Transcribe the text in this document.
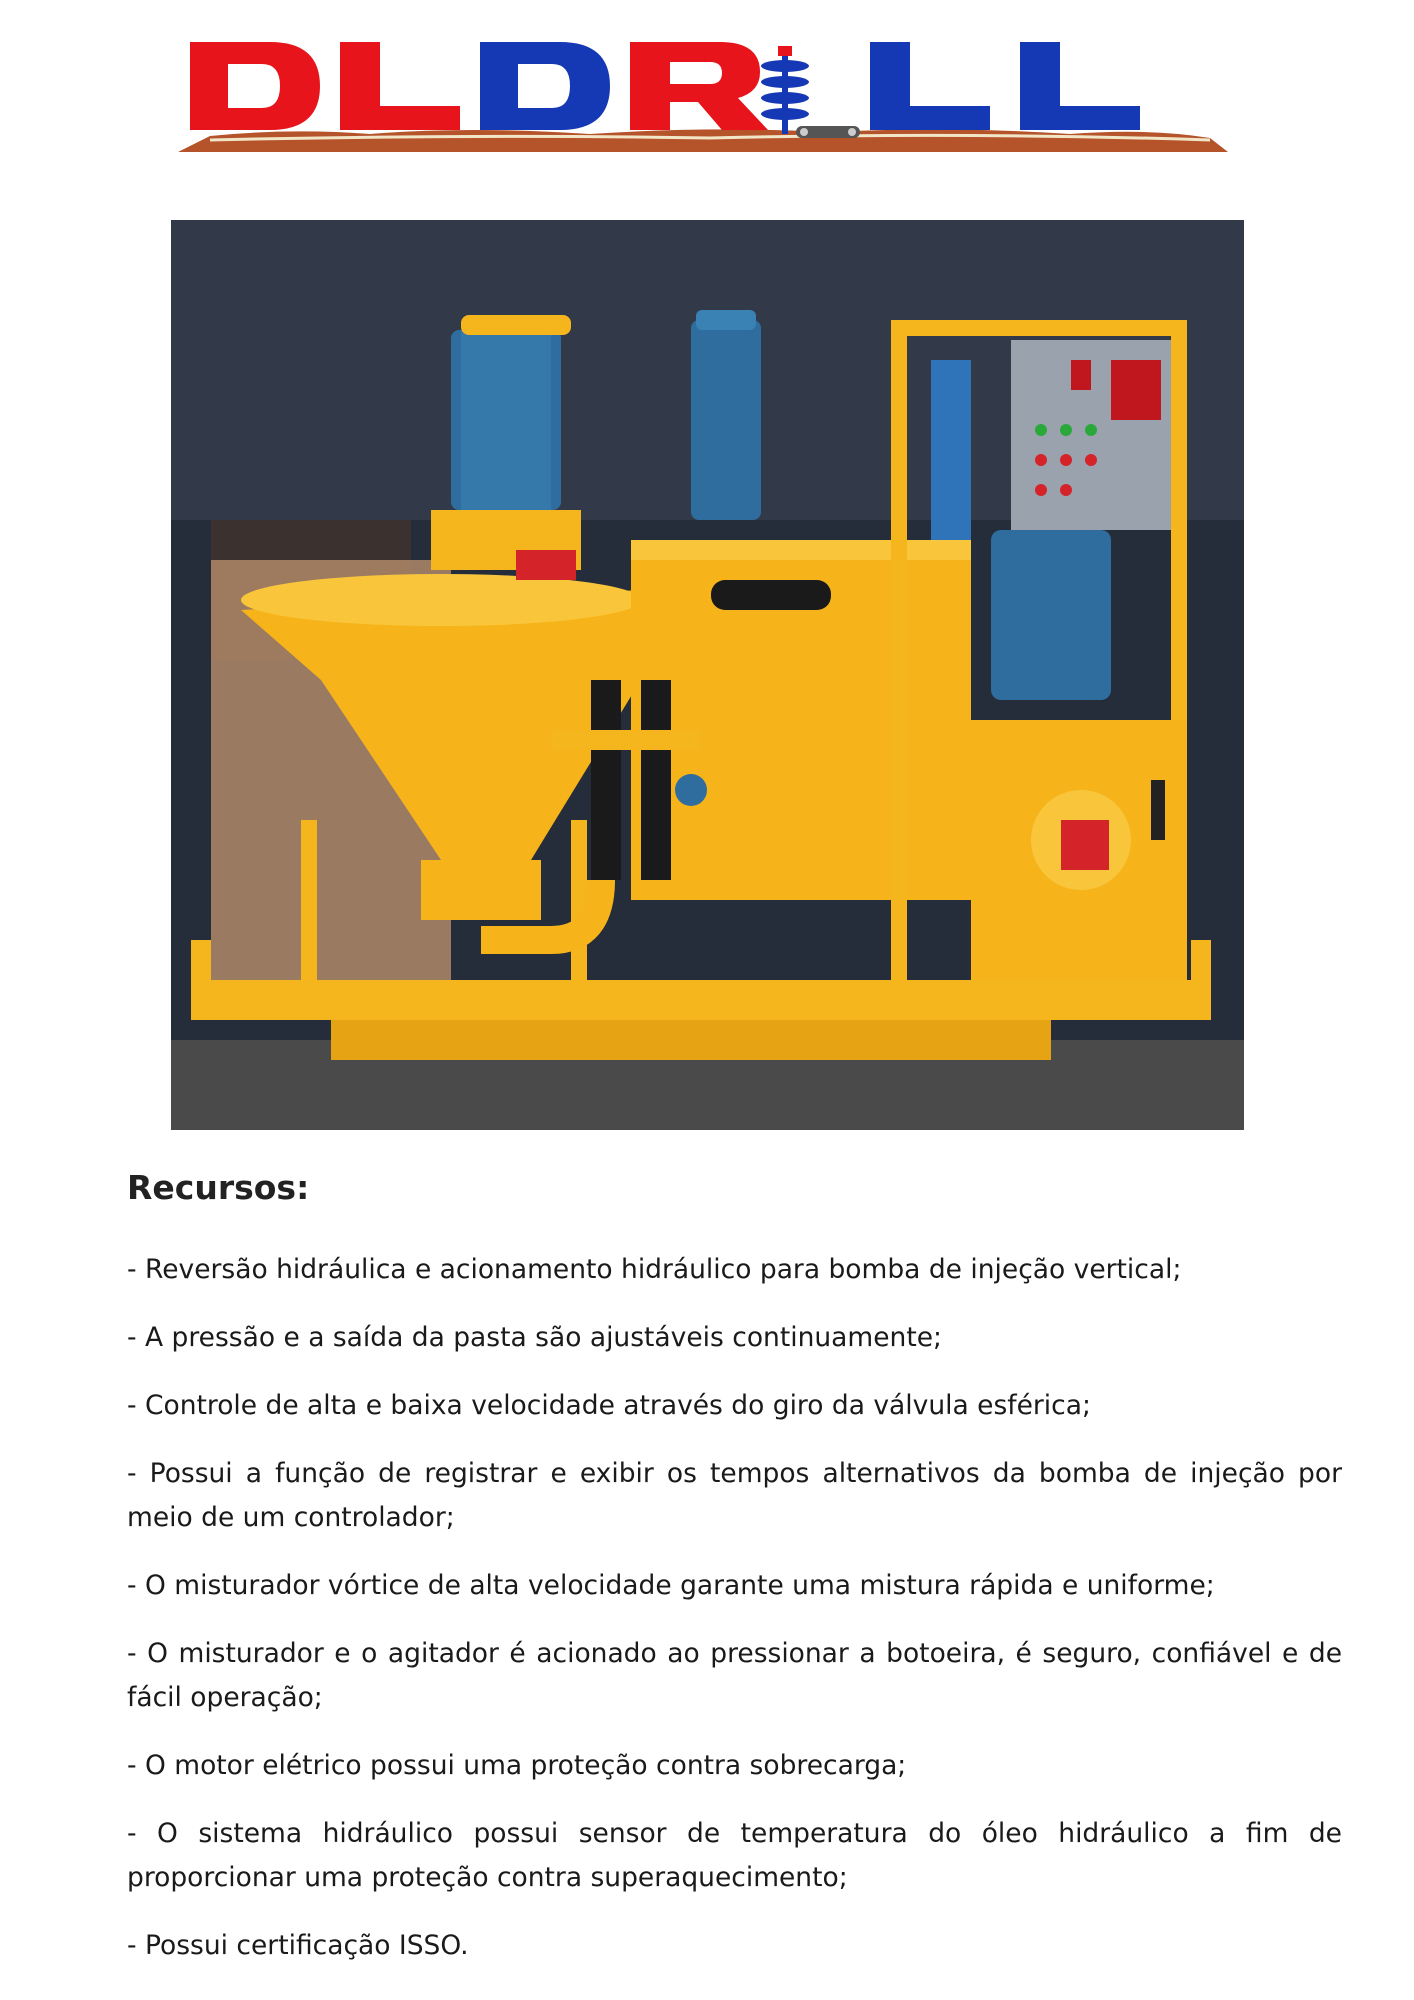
Recursos:
- Reversão hidráulica e acionamento hidráulico para bomba de injeção vertical;
- A pressão e a saída da pasta são ajustáveis continuamente;
- Controle de alta e baixa velocidade através do giro da válvula esférica;
- Possui a função de registrar e exibir os tempos alternativos da bomba de injeção por meio de um controlador;
- O misturador vórtice de alta velocidade garante uma mistura rápida e uniforme;
- O misturador e o agitador é acionado ao pressionar a botoeira, é seguro, confiável e de fácil operação;
- O motor elétrico possui uma proteção contra sobrecarga;
- O sistema hidráulico possui sensor de temperatura do óleo hidráulico a fim de proporcionar uma proteção contra superaquecimento;
- Possui certificação ISSO.
